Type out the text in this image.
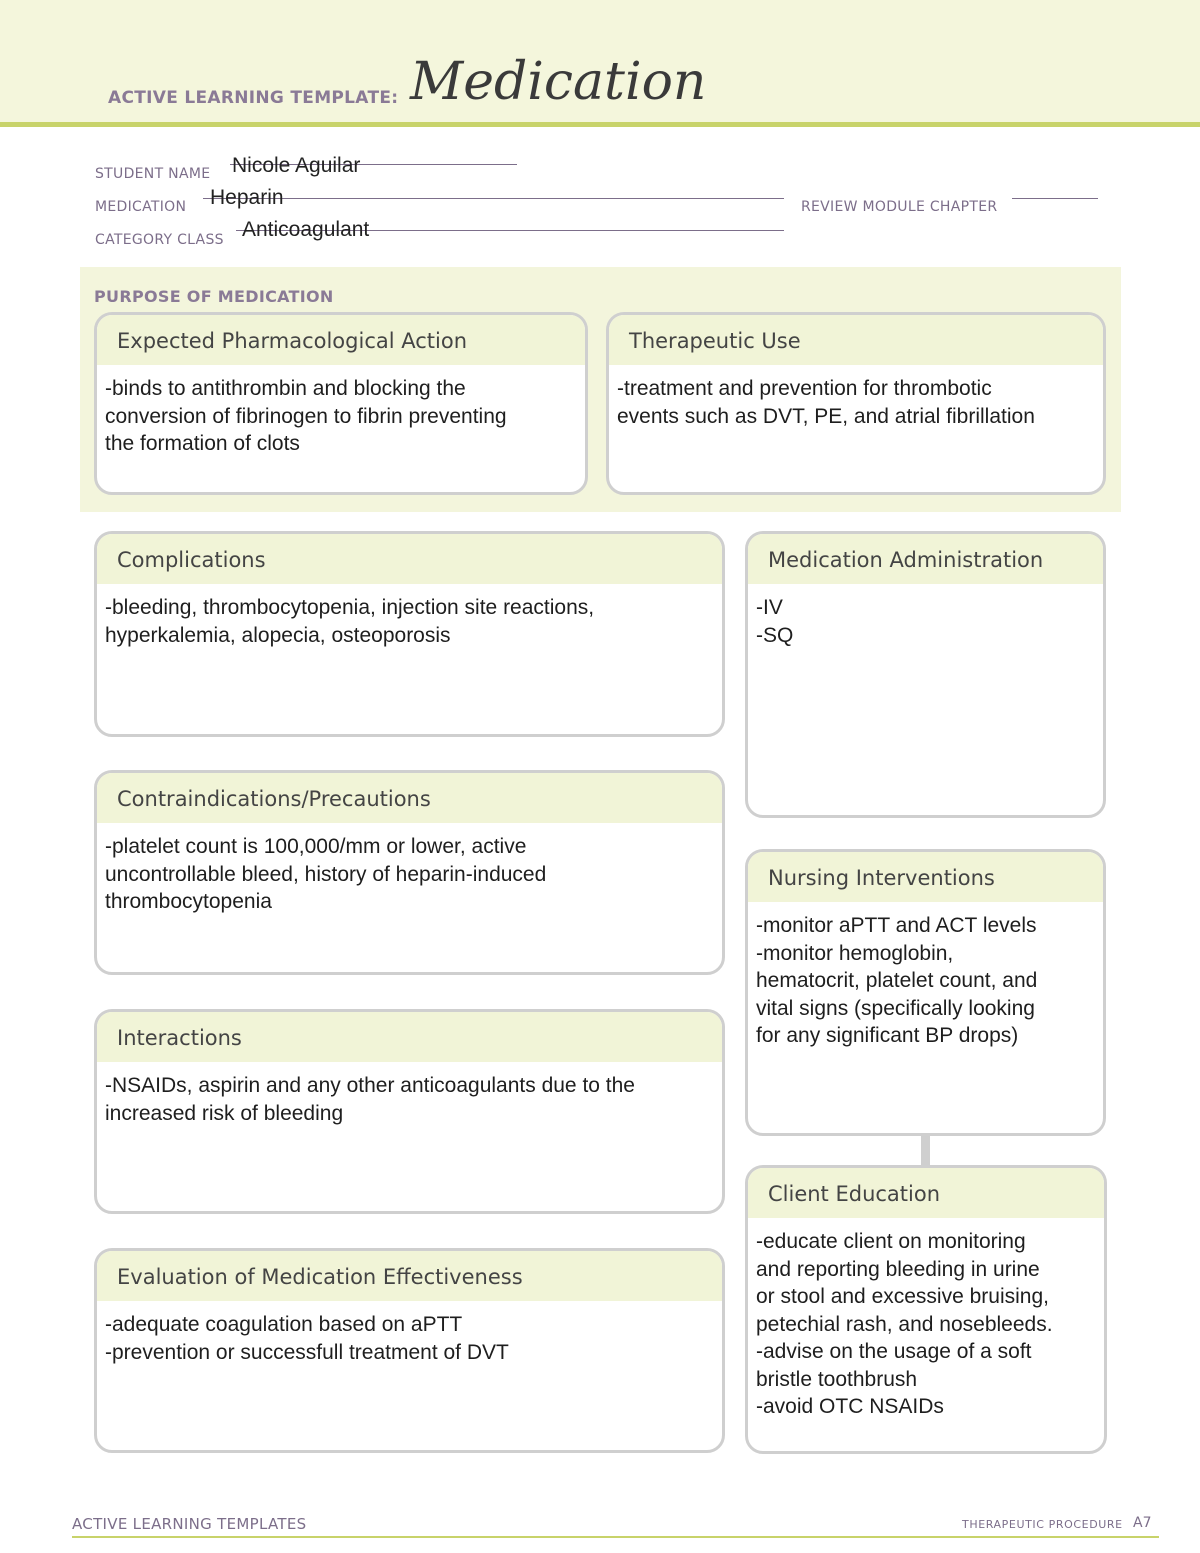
ACTIVE LEARNING TEMPLATE: Medication
STUDENT NAME Nicole Aguilar
MEDICATION Heparin	REVIEW MODULE CHAPTER
CATEGORY CLASS Anticoagulant
PURPOSE OF MEDICATION
Expected Pharmacological Action
-binds to antithrombin and blocking the
conversion of fibrinogen to fibrin preventing
the formation of clots
Therapeutic Use
-treatment and prevention for thrombotic
events such as DVT, PE, and atrial fibrillation
Complications
-bleeding, thrombocytopenia, injection site reactions,
hyperkalemia, alopecia, osteoporosis
Contraindications/Precautions
-platelet count is 100,000/mm or lower, active
uncontrollable bleed, history of heparin-induced
thrombocytopenia
Interactions
-NSAIDs, aspirin and any other anticoagulants due to the
increased risk of bleeding
Evaluation of Medication Effectiveness
-adequate coagulation based on aPTT
-prevention or successfull treatment of DVT
Medication Administration
-IV
-SQ
Nursing Interventions
-monitor aPTT and ACT levels
-monitor hemoglobin,
hematocrit, platelet count, and
vital signs (specifically looking
for any significant BP drops)
Client Education
-educate client on monitoring
and reporting bleeding in urine
or stool and excessive bruising,
petechial rash, and nosebleeds.
-advise on the usage of a soft
bristle toothbrush
-avoid OTC NSAIDs
ACTIVE LEARNING TEMPLATES	THERAPEUTIC PROCEDURE A7
